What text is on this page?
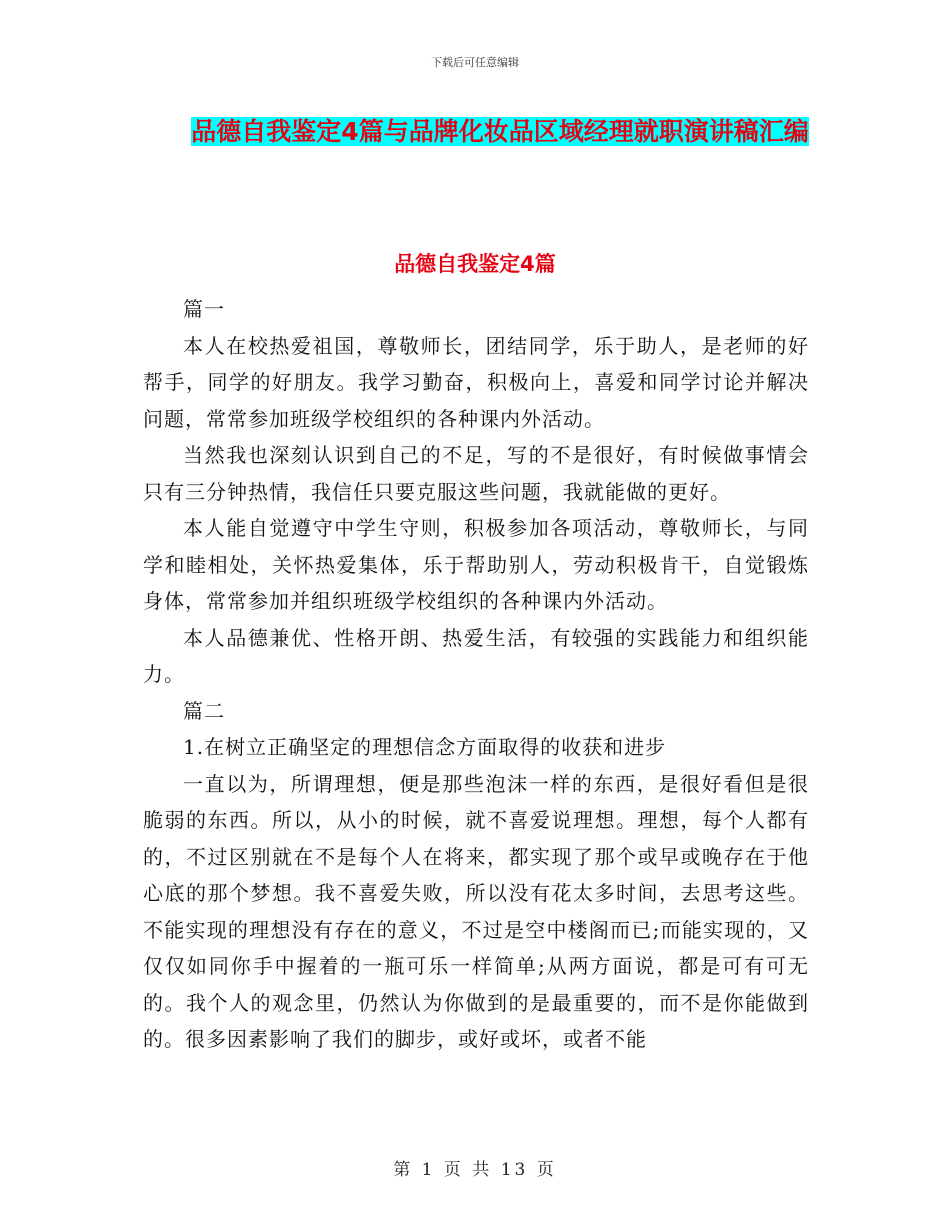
下载后可任意编辑
品德自我鉴定4篇与品牌化妆品区域经理就职演讲稿汇编
品德自我鉴定4篇

篇一

本人在校热爱祖国，尊敬师长，团结同学，乐于助人，是老师的好帮手，同学的好朋友。我学习勤奋，积极向上，喜爱和同学讨论并解决问题，常常参加班级学校组织的各种课内外活动。

当然我也深刻认识到自己的不足，写的不是很好，有时候做事情会只有三分钟热情，我信任只要克服这些问题，我就能做的更好。

本人能自觉遵守中学生守则，积极参加各项活动，尊敬师长，与同学和睦相处，关怀热爱集体，乐于帮助别人，劳动积极肯干，自觉锻炼身体，常常参加并组织班级学校组织的各种课内外活动。

本人品德兼优、性格开朗、热爱生活，有较强的实践能力和组织能力。

篇二

1.在树立正确坚定的理想信念方面取得的收获和进步

一直以为，所谓理想，便是那些泡沫一样的东西，是很好看但是很脆弱的东西。所以，从小的时候，就不喜爱说理想。理想，每个人都有的，不过区别就在不是每个人在将来，都实现了那个或早或晚存在于他心底的那个梦想。我不喜爱失败，所以没有花太多时间，去思考这些。不能实现的理想没有存在的意义，不过是空中楼阁而已;而能实现的，又仅仅如同你手中握着的一瓶可乐一样简单;从两方面说，都是可有可无的。我个人的观念里，仍然认为你做到的是最重要的，而不是你能做到的。很多因素影响了我们的脚步，或好或坏，或者不能

第 1 页 共 13 页
